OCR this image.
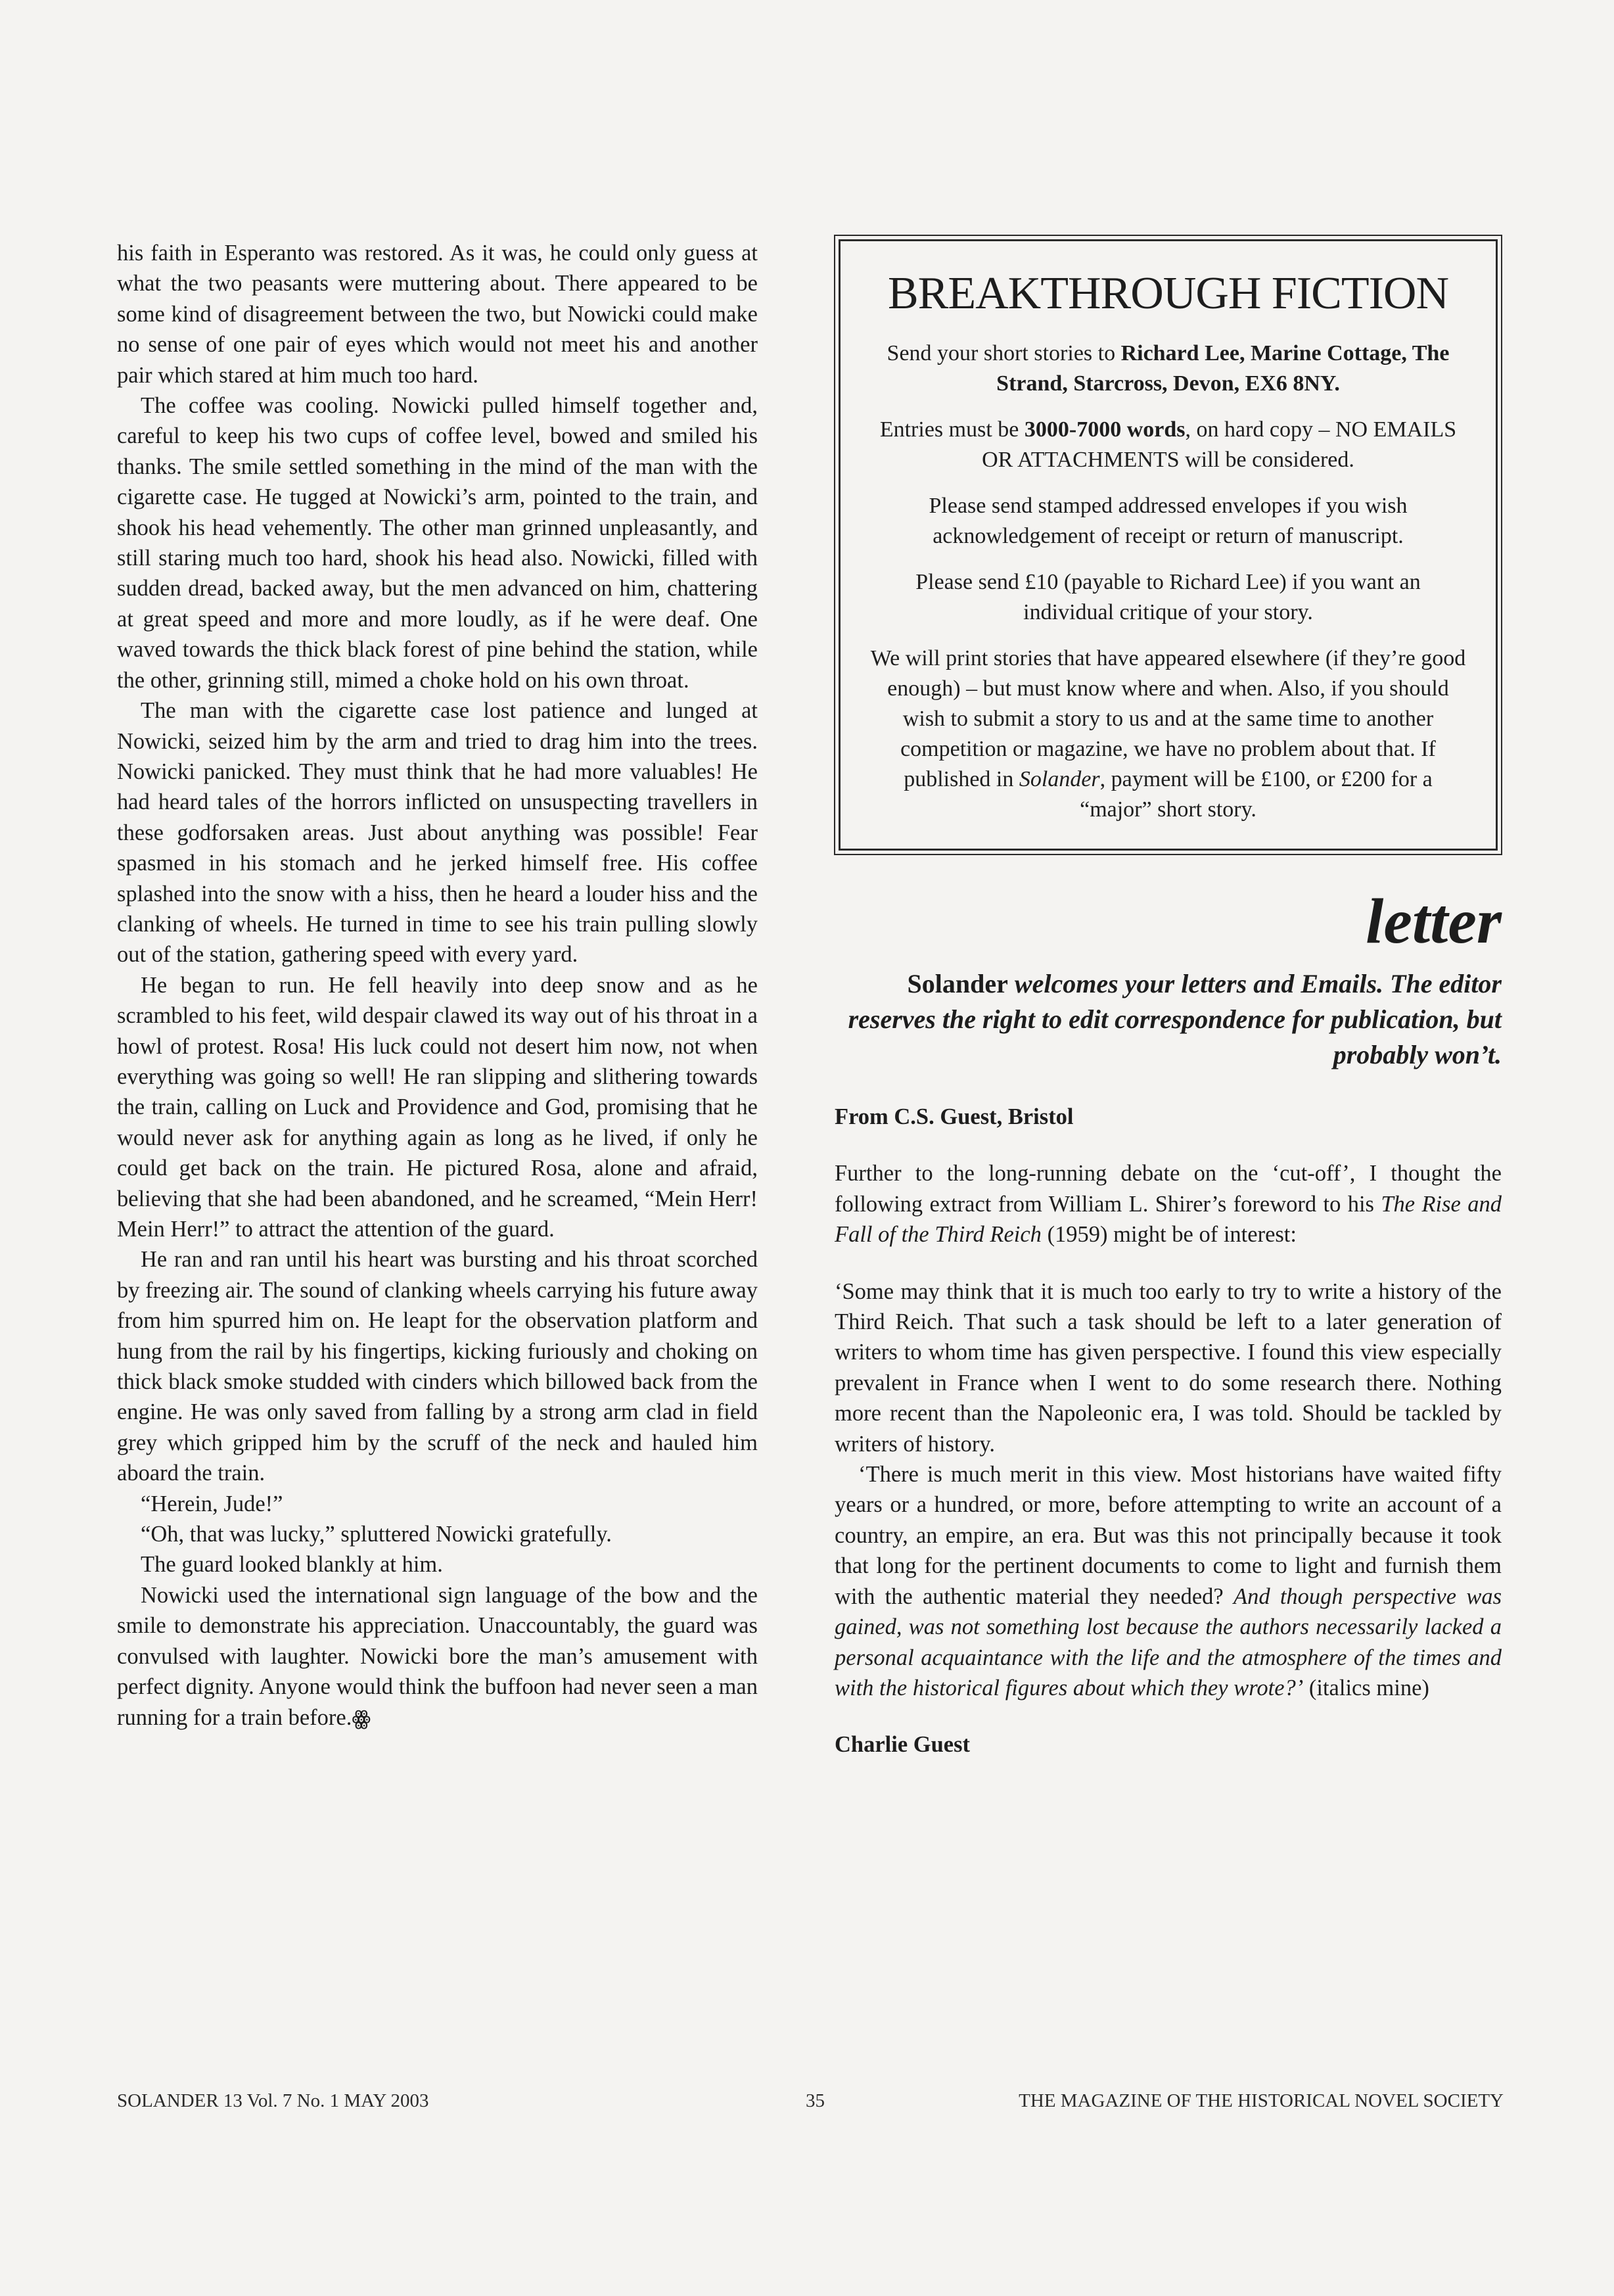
his faith in Esperanto was restored. As it was, he could only guess at what the two peasants were muttering about. There appeared to be some kind of disagreement between the two, but Nowicki could make no sense of one pair of eyes which would not meet his and another pair which stared at him much too hard.

The coffee was cooling. Nowicki pulled himself together and, careful to keep his two cups of coffee level, bowed and smiled his thanks. The smile settled something in the mind of the man with the cigarette case. He tugged at Nowicki’s arm, pointed to the train, and shook his head vehemently. The other man grinned unpleasantly, and still staring much too hard, shook his head also. Nowicki, filled with sudden dread, backed away, but the men advanced on him, chattering at great speed and more and more loudly, as if he were deaf. One waved towards the thick black forest of pine behind the station, while the other, grinning still, mimed a choke hold on his own throat.

The man with the cigarette case lost patience and lunged at Nowicki, seized him by the arm and tried to drag him into the trees. Nowicki panicked. They must think that he had more valuables! He had heard tales of the horrors inflicted on unsuspecting travellers in these godforsaken areas. Just about anything was possible! Fear spasmed in his stomach and he jerked himself free. His coffee splashed into the snow with a hiss, then he heard a louder hiss and the clanking of wheels. He turned in time to see his train pulling slowly out of the station, gathering speed with every yard.

He began to run. He fell heavily into deep snow and as he scrambled to his feet, wild despair clawed its way out of his throat in a howl of protest. Rosa! His luck could not desert him now, not when everything was going so well! He ran slipping and slithering towards the train, calling on Luck and Providence and God, promising that he would never ask for anything again as long as he lived, if only he could get back on the train. He pictured Rosa, alone and afraid, believing that she had been abandoned, and he screamed, “Mein Herr! Mein Herr!” to attract the attention of the guard.

He ran and ran until his heart was bursting and his throat scorched by freezing air. The sound of clanking wheels carrying his future away from him spurred him on. He leapt for the observation platform and hung from the rail by his fingertips, kicking furiously and choking on thick black smoke studded with cinders which billowed back from the engine. He was only saved from falling by a strong arm clad in field grey which gripped him by the scruff of the neck and hauled him aboard the train.

“Herein, Jude!”

“Oh, that was lucky,” spluttered Nowicki gratefully.

The guard looked blankly at him.

Nowicki used the international sign language of the bow and the smile to demonstrate his appreciation. Unaccountably, the guard was convulsed with laughter. Nowicki bore the man’s amusement with perfect dignity. Anyone would think the buffoon had never seen a man running for a train before.ꙮ

BREAKTHROUGH FICTION

Send your short stories to Richard Lee, Marine Cottage, The Strand, Starcross, Devon, EX6 8NY.

Entries must be 3000-7000 words, on hard copy – NO EMAILS OR ATTACHMENTS will be considered.

Please send stamped addressed envelopes if you wish acknowledgement of receipt or return of manuscript.

Please send £10 (payable to Richard Lee) if you want an individual critique of your story.

We will print stories that have appeared elsewhere (if they’re good enough) – but must know where and when. Also, if you should wish to submit a story to us and at the same time to another competition or magazine, we have no problem about that. If published in Solander, payment will be £100, or £200 for a “major” short story.

letter
Solander welcomes your letters and Emails. The editor reserves the right to edit correspondence for publication, but probably won’t.

From C.S. Guest, Bristol

Further to the long-running debate on the ‘cut-off’, I thought the following extract from William L. Shirer’s foreword to his The Rise and Fall of the Third Reich (1959) might be of interest:

‘Some may think that it is much too early to try to write a history of the Third Reich. That such a task should be left to a later generation of writers to whom time has given perspective. I found this view especially prevalent in France when I went to do some research there. Nothing more recent than the Napoleonic era, I was told. Should be tackled by writers of history.

‘There is much merit in this view. Most historians have waited fifty years or a hundred, or more, before attempting to write an account of a country, an empire, an era. But was this not principally because it took that long for the pertinent documents to come to light and furnish them with the authentic material they needed? And though perspective was gained, was not something lost because the authors necessarily lacked a personal acquaintance with the life and the atmosphere of the times and with the historical figures about which they wrote?’ (italics mine)

Charlie Guest

SOLANDER 13 Vol. 7 No. 1 MAY 2003	35	THE MAGAZINE OF THE HISTORICAL NOVEL SOCIETY
